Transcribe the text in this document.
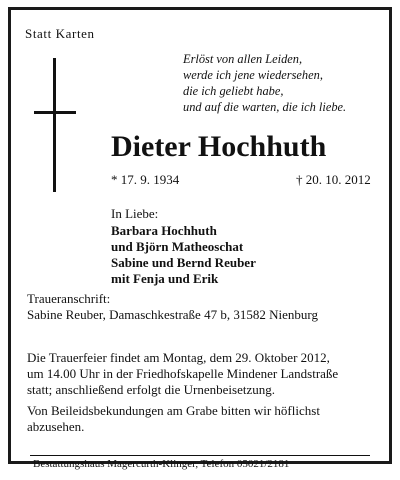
Statt Karten
Erlöst von allen Leiden,
werde ich jene wiedersehen,
die ich geliebt habe,
und auf die warten, die ich liebe.
Dieter Hochhuth
* 17. 9. 1934	† 20. 10. 2012
In Liebe:
Barbara Hochhuth
und Björn Matheoschat
Sabine und Bernd Reuber
mit Fenja und Erik
Traueranschrift:
Sabine Reuber, Damaschkestraße 47 b, 31582 Nienburg
Die Trauerfeier findet am Montag, dem 29. Oktober 2012,
um 14.00 Uhr in der Friedhofskapelle Mindener Landstraße
statt; anschließend erfolgt die Urnenbeisetzung.
Von Beileidsbekundungen am Grabe bitten wir höflichst
abzusehen.
Bestattungshaus Magercurth-Klinger, Telefon 05021/2181
